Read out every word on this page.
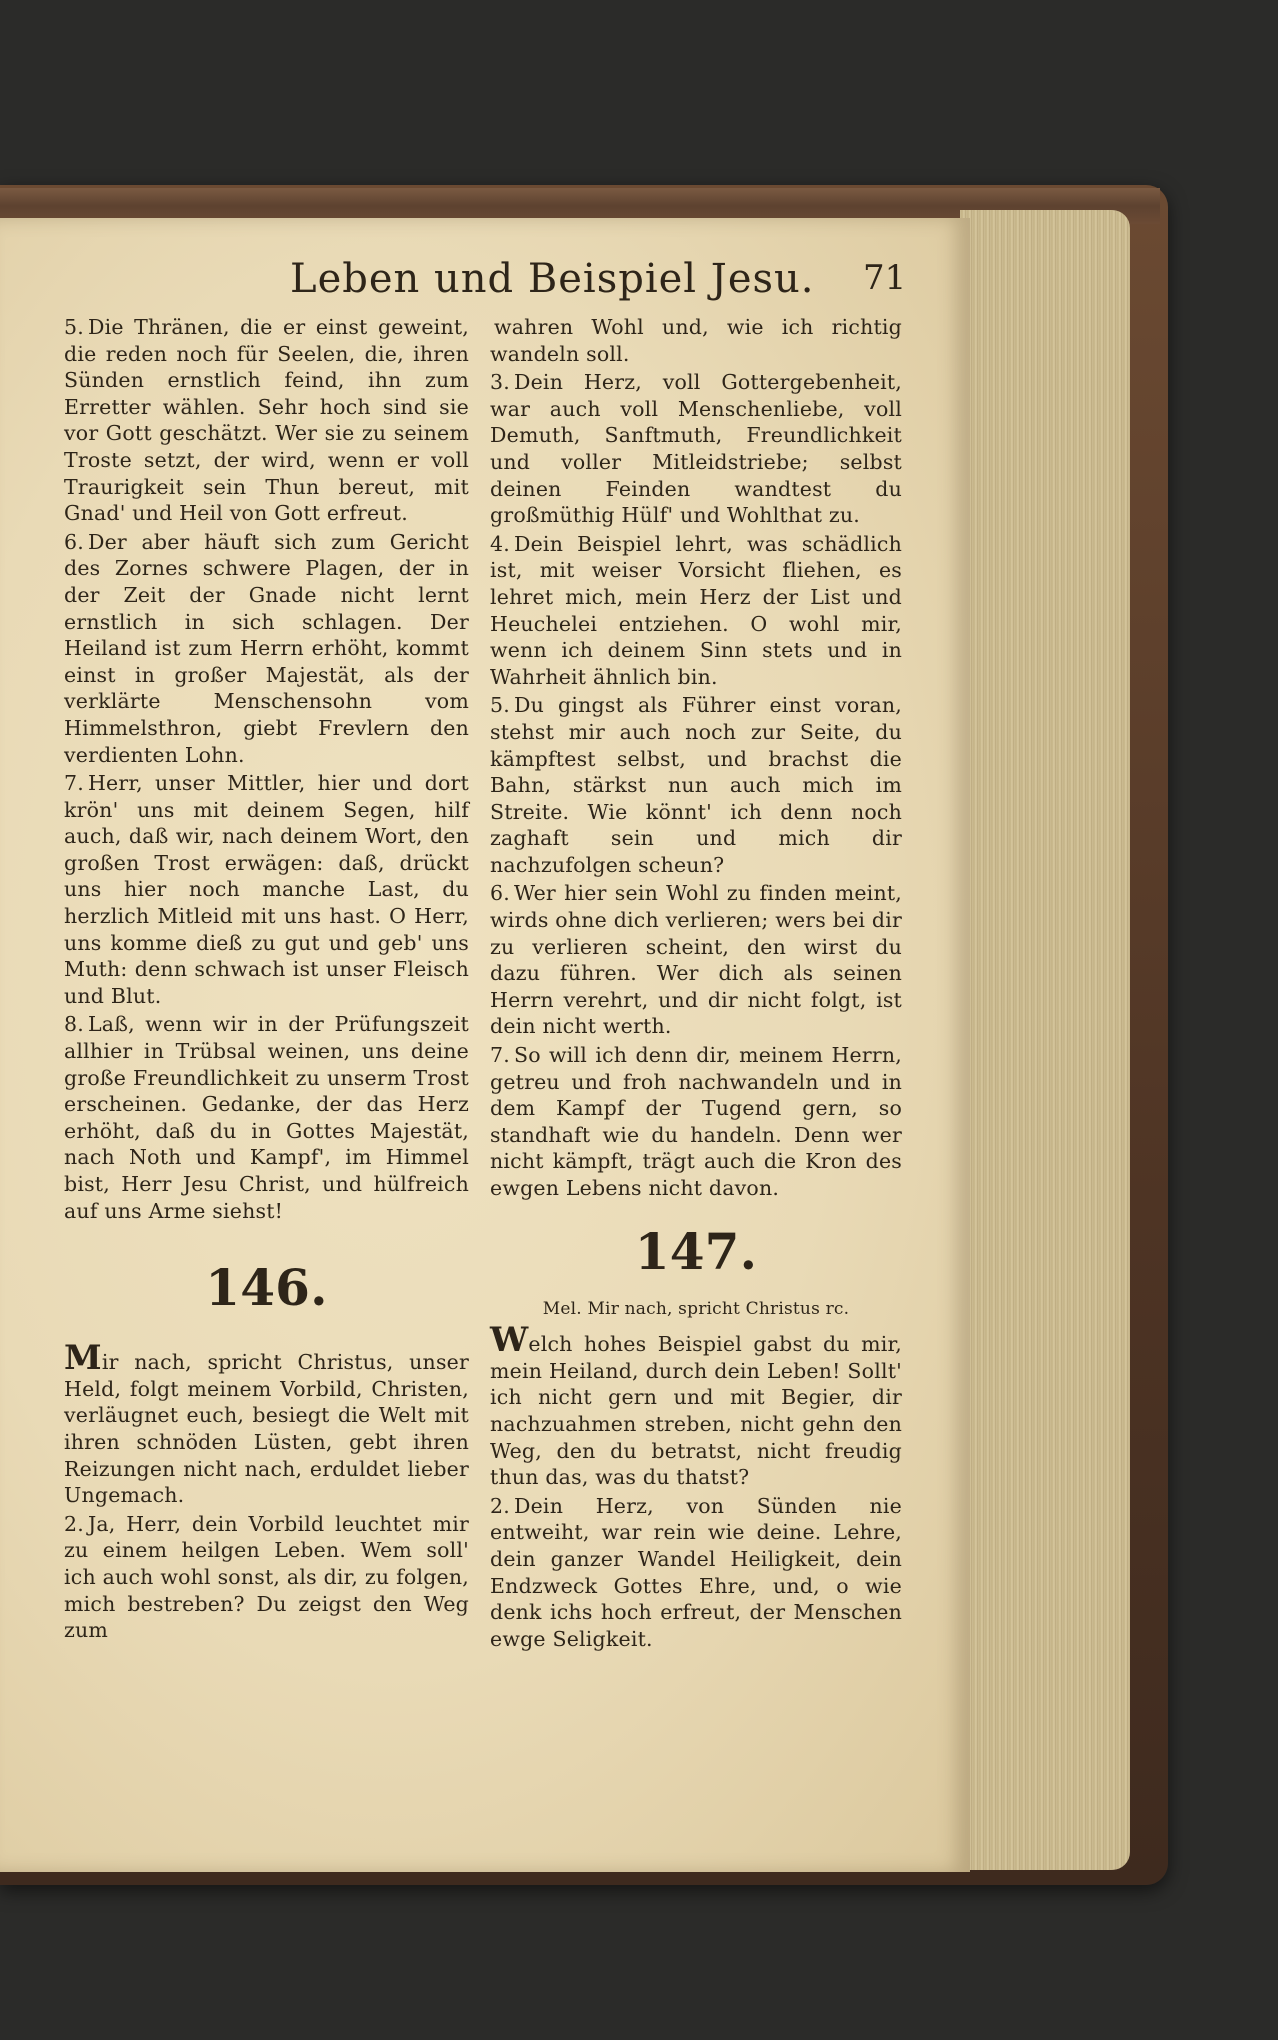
Leben und Beispiel Jesu. 71

5. Die Thränen, die er einst geweint, die reden noch für Seelen, die, ihren Sünden ernstlich feind, ihn zum Erretter wählen. Sehr hoch sind sie vor Gott geschätzt. Wer sie zu seinem Troste setzt, der wird, wenn er voll Traurigkeit sein Thun bereut, mit Gnad' und Heil von Gott erfreut.

6. Der aber häuft sich zum Gericht des Zornes schwere Plagen, der in der Zeit der Gnade nicht lernt ernstlich in sich schlagen. Der Heiland ist zum Herrn erhöht, kommt einst in großer Majestät, als der verklärte Menschensohn vom Himmelsthron, giebt Frevlern den verdienten Lohn.

7. Herr, unser Mittler, hier und dort krön' uns mit deinem Segen, hilf auch, daß wir, nach deinem Wort, den großen Trost erwägen: daß, drückt uns hier noch manche Last, du herzlich Mitleid mit uns hast. O Herr, uns komme dieß zu gut und geb' uns Muth: denn schwach ist unser Fleisch und Blut.

8. Laß, wenn wir in der Prüfungszeit allhier in Trübsal weinen, uns deine große Freundlichkeit zu unserm Trost erscheinen. Gedanke, der das Herz erhöht, daß du in Gottes Majestät, nach Noth und Kampf', im Himmel bist, Herr Jesu Christ, und hülfreich auf uns Arme siehst!

146.

Mir nach, spricht Christus, unser Held, folgt meinem Vorbild, Christen, verläugnet euch, besiegt die Welt mit ihren schnöden Lüsten, gebt ihren Reizungen nicht nach, erduldet lieber Ungemach.

2. Ja, Herr, dein Vorbild leuchtet mir zu einem heilgen Leben. Wem soll' ich auch wohl sonst, als dir, zu folgen, mich bestreben? Du zeigst den Weg zum

wahren Wohl und, wie ich richtig wandeln soll.

3. Dein Herz, voll Gottergebenheit, war auch voll Menschenliebe, voll Demuth, Sanftmuth, Freundlichkeit und voller Mitleidstriebe; selbst deinen Feinden wandtest du großmüthig Hülf' und Wohlthat zu.

4. Dein Beispiel lehrt, was schädlich ist, mit weiser Vorsicht fliehen, es lehret mich, mein Herz der List und Heuchelei entziehen. O wohl mir, wenn ich deinem Sinn stets und in Wahrheit ähnlich bin.

5. Du gingst als Führer einst voran, stehst mir auch noch zur Seite, du kämpftest selbst, und brachst die Bahn, stärkst nun auch mich im Streite. Wie könnt' ich denn noch zaghaft sein und mich dir nachzufolgen scheun?

6. Wer hier sein Wohl zu finden meint, wirds ohne dich verlieren; wers bei dir zu verlieren scheint, den wirst du dazu führen. Wer dich als seinen Herrn verehrt, und dir nicht folgt, ist dein nicht werth.

7. So will ich denn dir, meinem Herrn, getreu und froh nachwandeln und in dem Kampf der Tugend gern, so standhaft wie du handeln. Denn wer nicht kämpft, trägt auch die Kron des ewgen Lebens nicht davon.

147.
Mel. Mir nach, spricht Christus rc.

Welch hohes Beispiel gabst du mir, mein Heiland, durch dein Leben! Sollt' ich nicht gern und mit Begier, dir nachzuahmen streben, nicht gehn den Weg, den du betratst, nicht freudig thun das, was du thatst?

2. Dein Herz, von Sünden nie entweiht, war rein wie deine. Lehre, dein ganzer Wandel Heiligkeit, dein Endzweck Gottes Ehre, und, o wie denk ichs hoch erfreut, der Menschen ewge Seligkeit.
